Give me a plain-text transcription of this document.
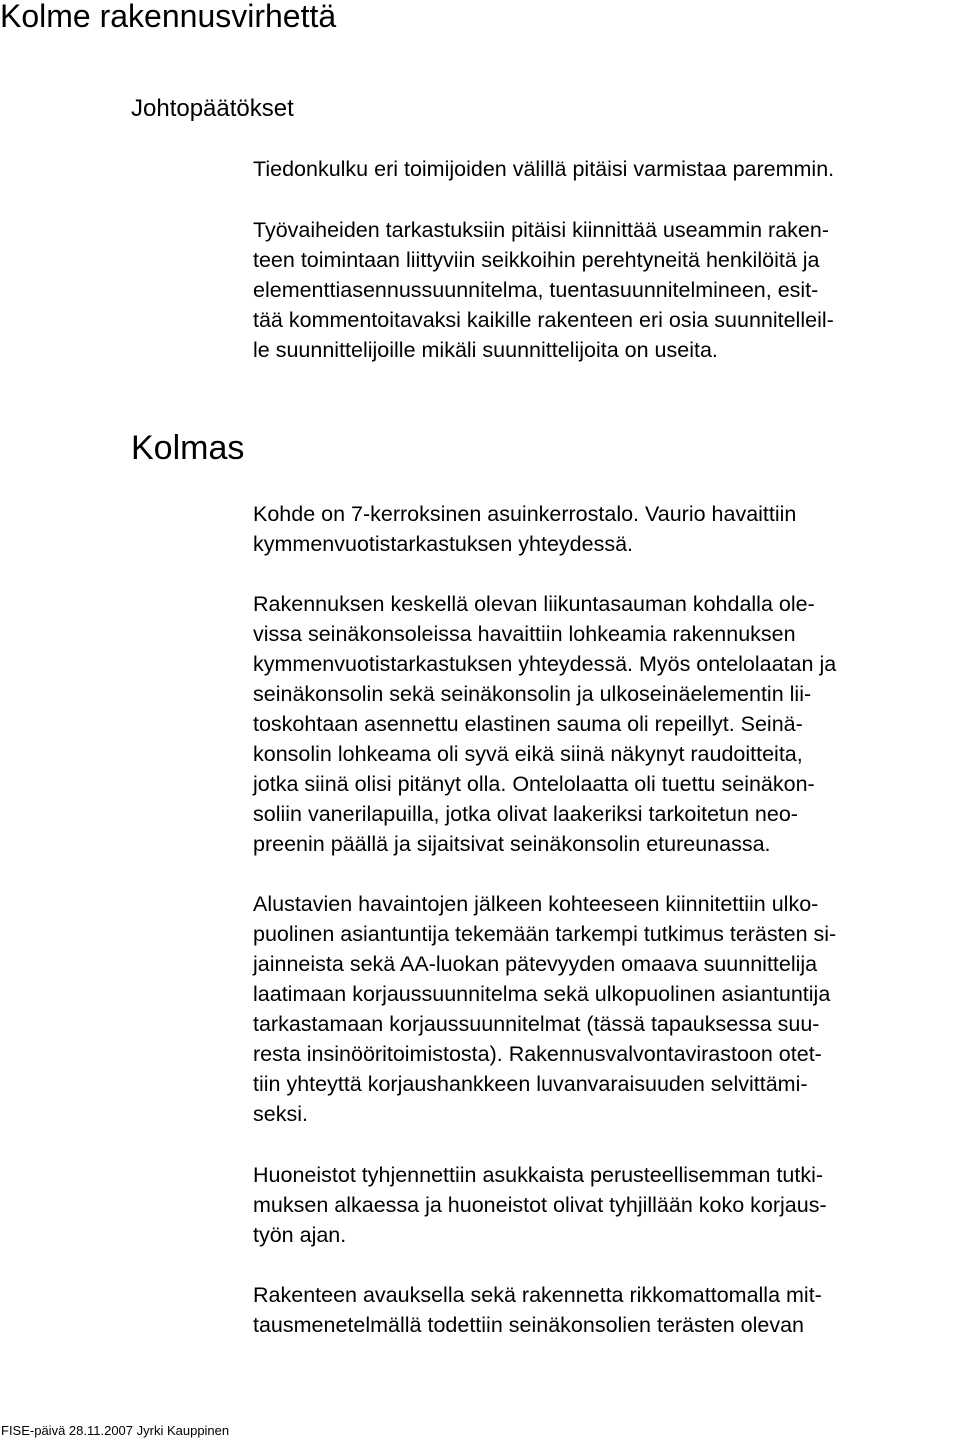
Kolme rakennusvirhettä
Johtopäätökset
Tiedonkulku eri toimijoiden välillä pitäisi varmistaa paremmin.
Työvaiheiden tarkastuksiin pitäisi kiinnittää useammin raken-
teen toimintaan liittyviin seikkoihin perehtyneitä henkilöitä ja
elementtiasennussuunnitelma, tuentasuunnitelmineen, esit-
tää kommentoitavaksi kaikille rakenteen eri osia suunnitelleil-
le suunnittelijoille mikäli suunnittelijoita on useita.
Kolmas
Kohde on 7-kerroksinen asuinkerrostalo. Vaurio havaittiin
kymmenvuotistarkastuksen yhteydessä.
Rakennuksen keskellä olevan liikuntasauman kohdalla ole-
vissa seinäkonsoleissa havaittiin lohkeamia rakennuksen
kymmenvuotistarkastuksen yhteydessä. Myös ontelolaatan ja
seinäkonsolin sekä seinäkonsolin ja ulkoseinäelementin lii-
toskohtaan asennettu elastinen sauma oli repeillyt. Seinä-
konsolin lohkeama oli syvä eikä siinä näkynyt raudoitteita,
jotka siinä olisi pitänyt olla. Ontelolaatta oli tuettu seinäkon-
soliin vanerilapuilla, jotka olivat laakeriksi tarkoitetun neo-
preenin päällä ja sijaitsivat seinäkonsolin etureunassa.
Alustavien havaintojen jälkeen kohteeseen kiinnitettiin ulko-
puolinen asiantuntija tekemään tarkempi tutkimus terästen si-
jainneista sekä AA-luokan pätevyyden omaava suunnittelija
laatimaan korjaussuunnitelma sekä ulkopuolinen asiantuntija
tarkastamaan korjaussuunnitelmat (tässä tapauksessa suu-
resta insinööritoimistosta). Rakennusvalvontavirastoon otet-
tiin yhteyttä korjaushankkeen luvanvaraisuuden selvittämi-
seksi.
Huoneistot tyhjennettiin asukkaista perusteellisemman tutki-
muksen alkaessa ja huoneistot olivat tyhjillään koko korjaus-
työn ajan.
Rakenteen avauksella sekä rakennetta rikkomattomalla mit-
tausmenetelmällä todettiin seinäkonsolien terästen olevan
FISE-päivä 28.11.2007 Jyrki Kauppinen
